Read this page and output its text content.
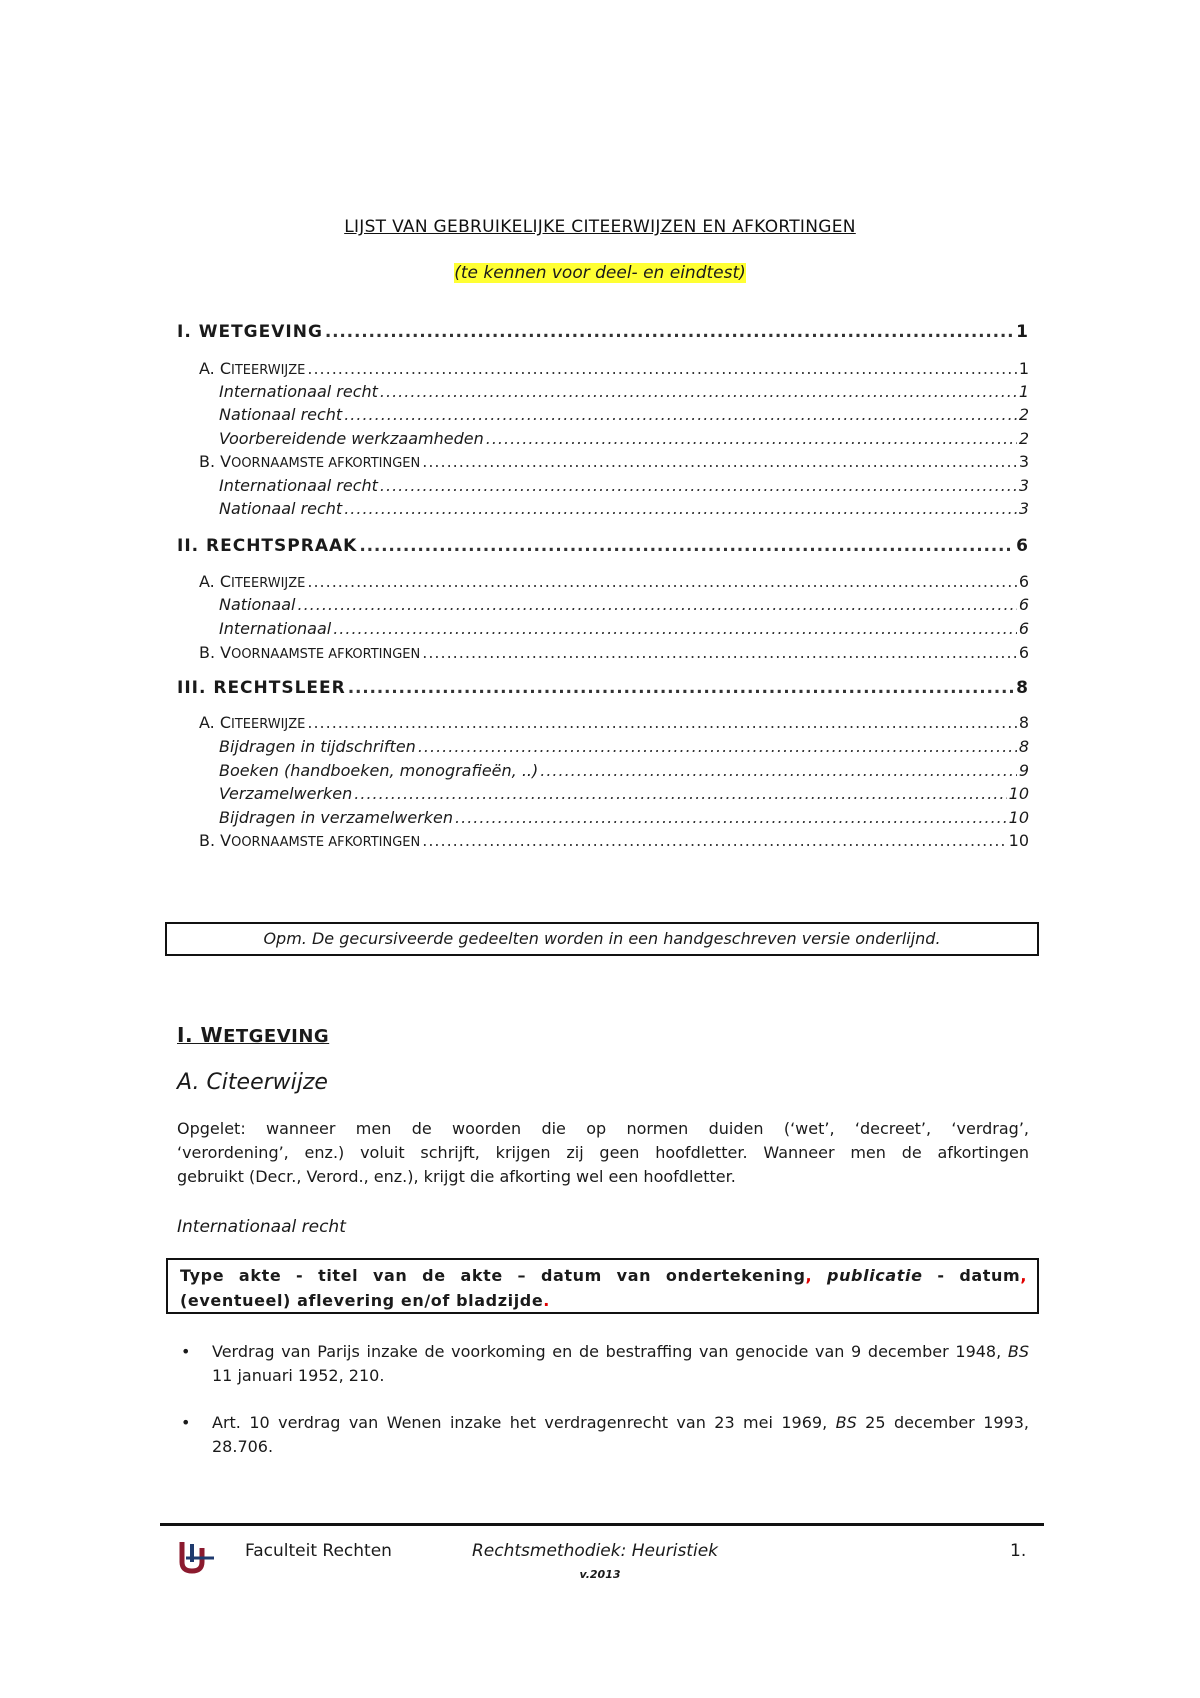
LIJST VAN GEBRUIKELIJKE CITEERWIJZEN EN AFKORTINGEN
(te kennen voor deel- en eindtest)
I. WETGEVING .....	1
A. CITEERWIJZE .....	1
Internationaal recht .....	1
Nationaal recht .....	2
Voorbereidende werkzaamheden .....	2
B. VOORNAAMSTE AFKORTINGEN .....	3
Internationaal recht .....	3
Nationaal recht .....	3
II. RECHTSPRAAK .....	6
A. CITEERWIJZE .....	6
Nationaal .....	6
Internationaal .....	6
B. VOORNAAMSTE AFKORTINGEN .....	6
III. RECHTSLEER .....	8
A. CITEERWIJZE .....	8
Bijdragen in tijdschriften .....	8
Boeken (handboeken, monografieën, ..) .....	9
Verzamelwerken .....	10
Bijdragen in verzamelwerken .....	10
B. VOORNAAMSTE AFKORTINGEN .....	10
Opm. De gecursiveerde gedeelten worden in een handgeschreven versie onderlijnd.
I. WETGEVING
A. Citeerwijze
Opgelet: wanneer men de woorden die op normen duiden (‘wet’, ‘decreet’, ‘verdrag’,
‘verordening’, enz.) voluit schrijft, krijgen zij geen hoofdletter. Wanneer men de afkortingen
gebruikt (Decr., Verord., enz.), krijgt die afkorting wel een hoofdletter.
Internationaal recht
Type akte - titel van de akte – datum van ondertekening, publicatie - datum, (eventueel) aflevering en/of bladzijde.
• Verdrag van Parijs inzake de voorkoming en de bestraffing van genocide van 9 december 1948, BS 11 januari 1952, 210.
• Art. 10 verdrag van Wenen inzake het verdragenrecht van 23 mei 1969, BS 25 december 1993, 28.706.
Faculteit Rechten	Rechtsmethodiek: Heuristiek	1.
v.2013
